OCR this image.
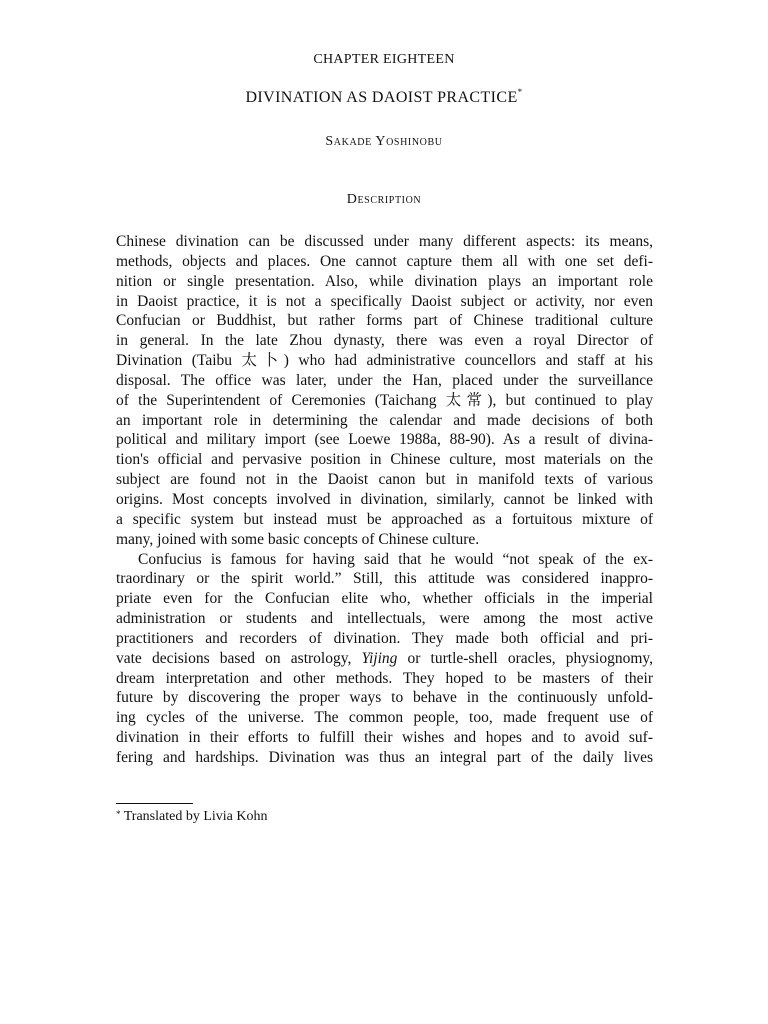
CHAPTER EIGHTEEN
DIVINATION AS DAOIST PRACTICE*
Sakade Yoshinobu
Description
Chinese divination can be discussed under many different aspects: its means,
methods, objects and places. One cannot capture them all with one set defi-
nition or single presentation. Also, while divination plays an important role
in Daoist practice, it is not a specifically Daoist subject or activity, nor even
Confucian or Buddhist, but rather forms part of Chinese traditional culture
in general. In the late Zhou dynasty, there was even a royal Director of
Divination (Taibu 太卜) who had administrative councellors and staff at his
disposal. The office was later, under the Han, placed under the surveillance
of the Superintendent of Ceremonies (Taichang 太常), but continued to play
an important role in determining the calendar and made decisions of both
political and military import (see Loewe 1988a, 88-90). As a result of divina-
tion's official and pervasive position in Chinese culture, most materials on the
subject are found not in the Daoist canon but in manifold texts of various
origins. Most concepts involved in divination, similarly, cannot be linked with
a specific system but instead must be approached as a fortuitous mixture of
many, joined with some basic concepts of Chinese culture.
Confucius is famous for having said that he would “not speak of the ex-
traordinary or the spirit world.” Still, this attitude was considered inappro-
priate even for the Confucian elite who, whether officials in the imperial
administration or students and intellectuals, were among the most active
practitioners and recorders of divination. They made both official and pri-
vate decisions based on astrology, Yijing or turtle-shell oracles, physiognomy,
dream interpretation and other methods. They hoped to be masters of their
future by discovering the proper ways to behave in the continuously unfold-
ing cycles of the universe. The common people, too, made frequent use of
divination in their efforts to fulfill their wishes and hopes and to avoid suf-
fering and hardships. Divination was thus an integral part of the daily lives
* Translated by Livia Kohn
